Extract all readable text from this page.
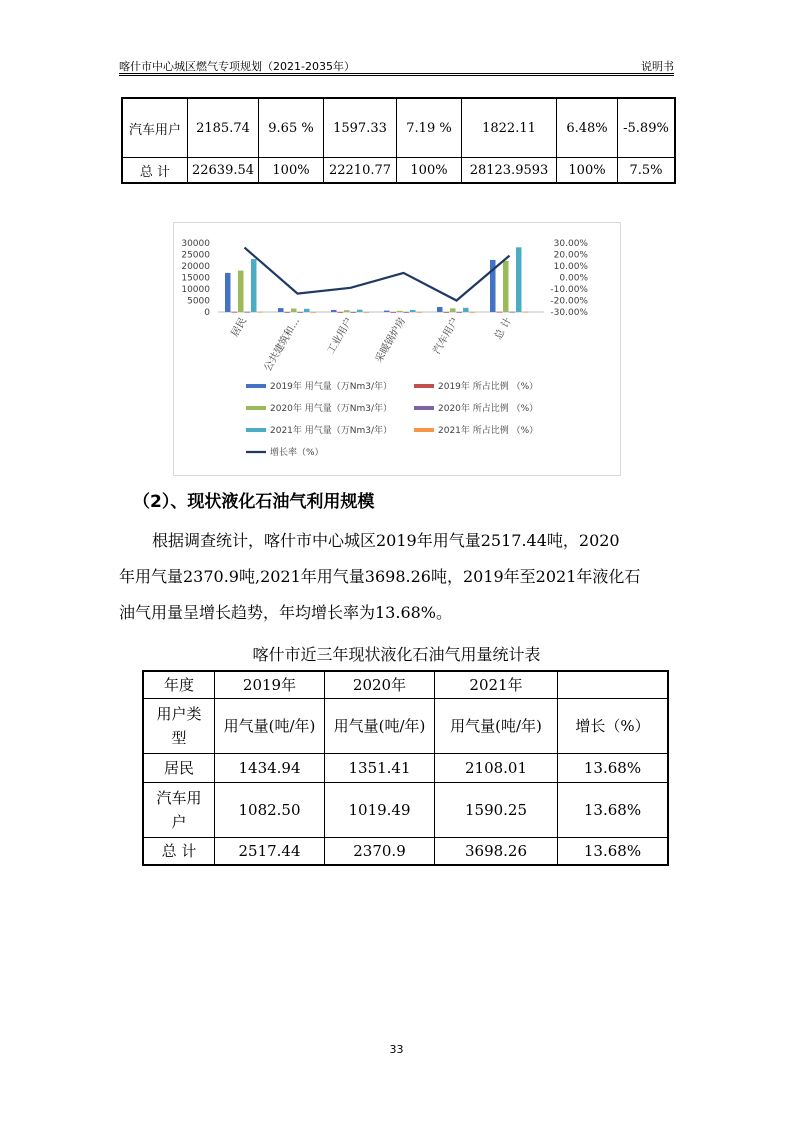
喀什市中心城区燃气专项规划（2021-2035年）	说明书
汽车用户	2185.74	9.65 %	1597.33	7.19 %	1822.11	6.48%	-5.89%
总 计	22639.54	100%	22210.77	100%	28123.9593	100%	7.5%
30000
25000
20000
15000
10000
5000
0
30.00%
20.00%
10.00%
0.00%
-10.00%
-20.00%
-30.00%
居民 公共建筑和… 工业用户 采暖锅炉房 汽车用户	总 计
2019年 用气量（万Nm3/年）	2019年 所占比例 （%）
2020年 用气量（万Nm3/年）	2020年 所占比例 （%）
2021年 用气量（万Nm3/年）	2021年 所占比例 （%）
增长率（%）
（2）、现状液化石油气利用规模
根据调查统计，喀什市中心城区2019年用气量2517.44吨，2020
年用气量2370.9吨,2021年用气量3698.26吨，2019年至2021年液化石
油气用量呈增长趋势，年均增长率为13.68%。
喀什市近三年现状液化石油气用量统计表
年度	2019年	2020年	2021年	
用户类型	用气量(吨/年)	用气量(吨/年)	用气量(吨/年)	增长（%）
居民	1434.94	1351.41	2108.01	13.68%
汽车用户	1082.50	1019.49	1590.25	13.68%
总 计	2517.44	2370.9	3698.26	13.68%
33
